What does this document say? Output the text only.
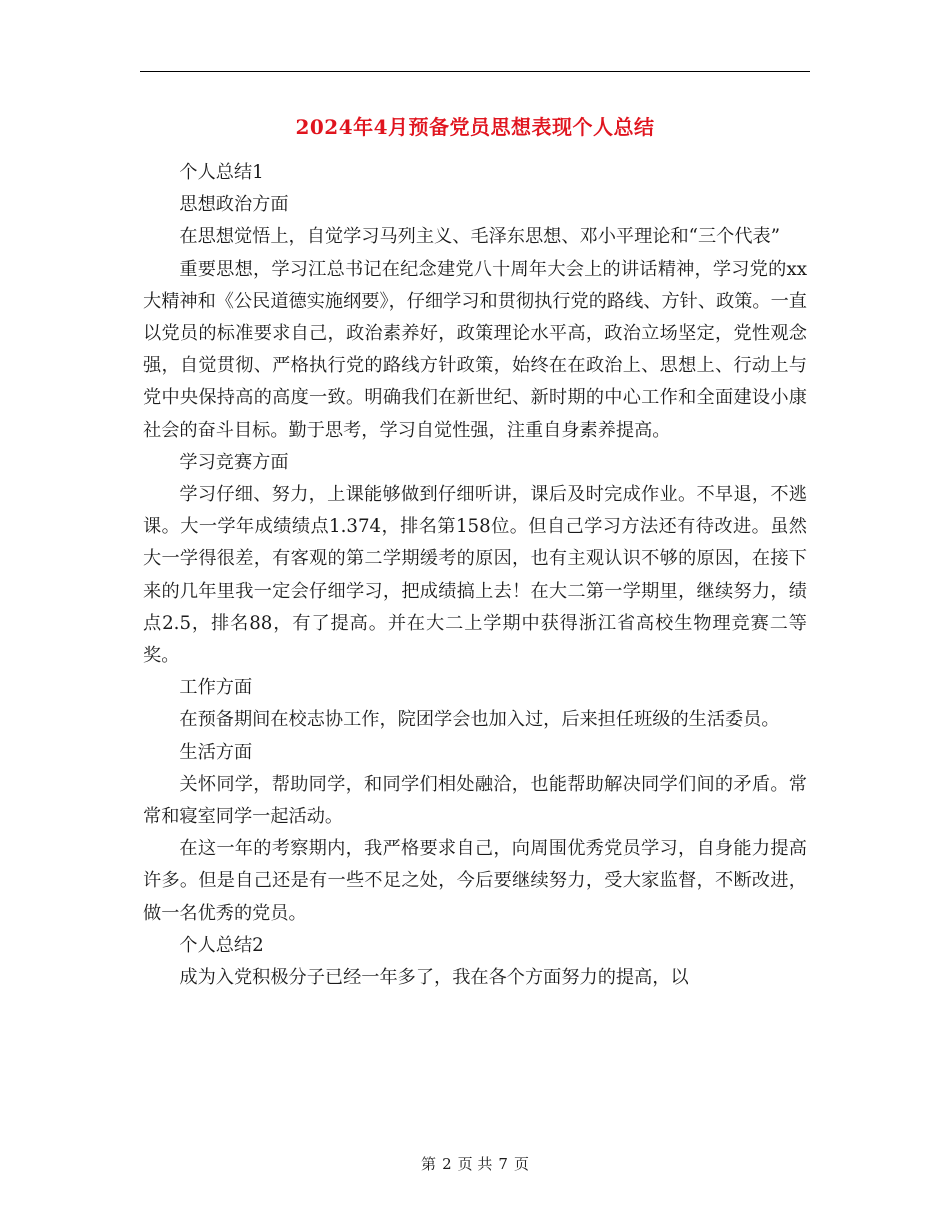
2024年4月预备党员思想表现个人总结

个人总结1

思想政治方面

在思想觉悟上，自觉学习马列主义、毛泽东思想、邓小平理论和“三个代表”

重要思想，学习江总书记在纪念建党八十周年大会上的讲话精神，学习党的xx大精神和《公民道德实施纲要》，仔细学习和贯彻执行党的路线、方针、政策。一直以党员的标准要求自己，政治素养好，政策理论水平高，政治立场坚定，党性观念强，自觉贯彻、严格执行党的路线方针政策，始终在在政治上、思想上、行动上与党中央保持高的高度一致。明确我们在新世纪、新时期的中心工作和全面建设小康社会的奋斗目标。勤于思考，学习自觉性强，注重自身素养提高。

学习竞赛方面

学习仔细、努力，上课能够做到仔细听讲，课后及时完成作业。不早退，不逃课。大一学年成绩绩点1.374，排名第158位。但自己学习方法还有待改进。虽然大一学得很差，有客观的第二学期缓考的原因，也有主观认识不够的原因，在接下来的几年里我一定会仔细学习，把成绩搞上去！在大二第一学期里，继续努力，绩点2.5，排名88，有了提高。并在大二上学期中获得浙江省高校生物理竞赛二等奖。

工作方面

在预备期间在校志协工作，院团学会也加入过，后来担任班级的生活委员。

生活方面

关怀同学，帮助同学，和同学们相处融洽，也能帮助解决同学们间的矛盾。常常和寝室同学一起活动。

在这一年的考察期内，我严格要求自己，向周围优秀党员学习，自身能力提高许多。但是自己还是有一些不足之处，今后要继续努力，受大家监督，不断改进，做一名优秀的党员。

个人总结2

成为入党积极分子已经一年多了，我在各个方面努力的提高，以

第 2 页 共 7 页
